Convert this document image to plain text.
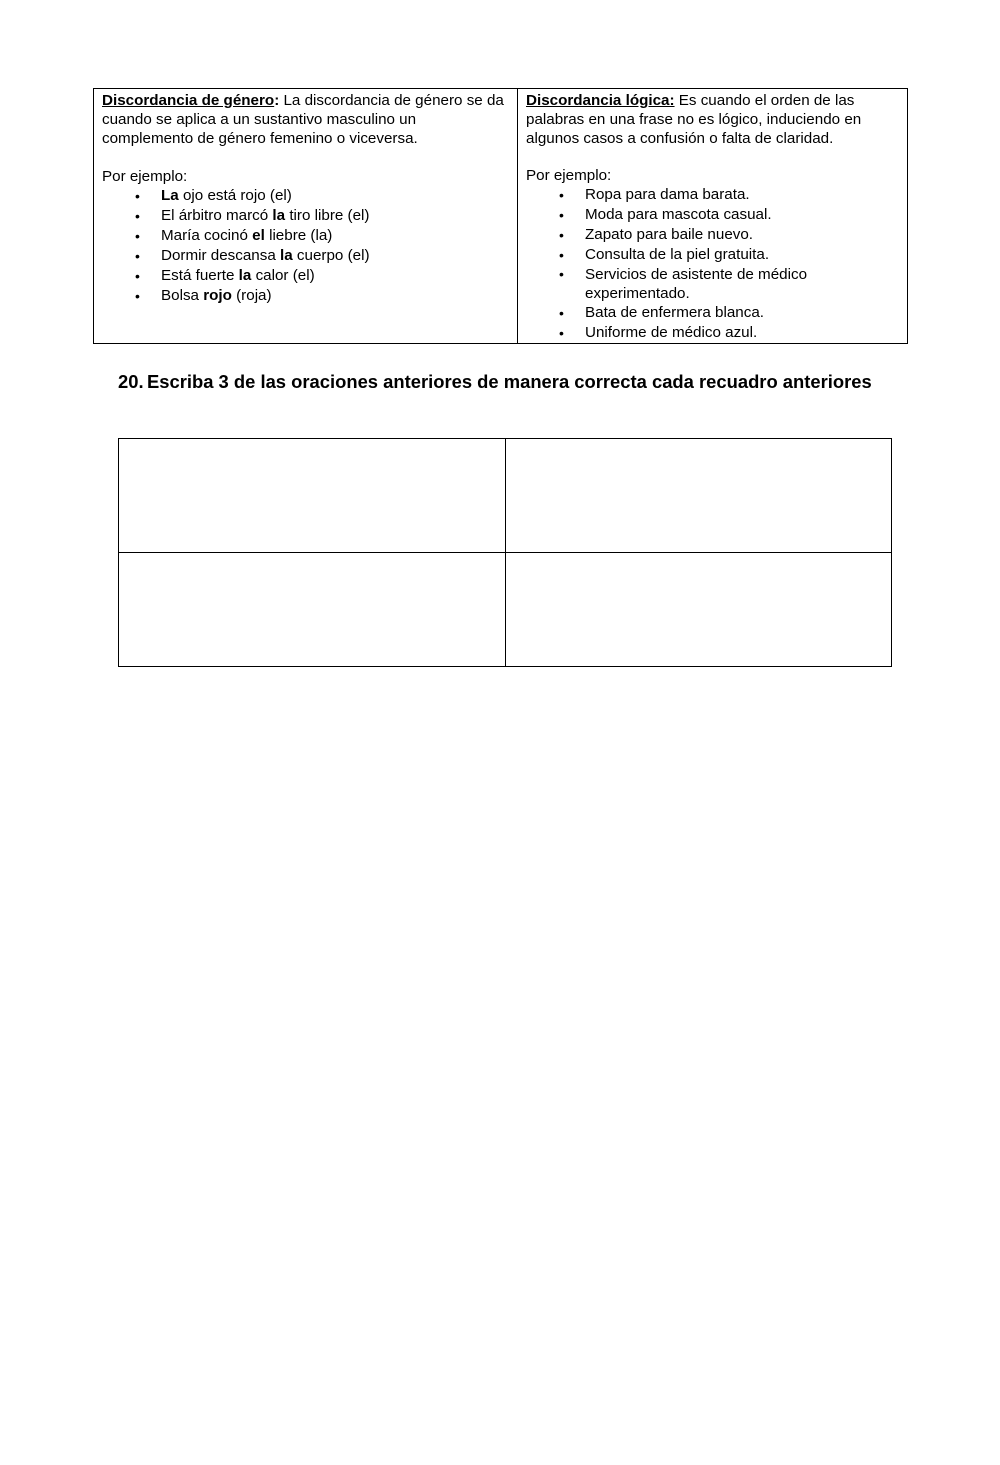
Discordancia de género: La discordancia de género se da cuando se aplica a un sustantivo masculino un complemento de género femenino o viceversa.
Por ejemplo:
• La ojo está rojo (el)
• El árbitro marcó la tiro libre (el)
• María cocinó el liebre (la)
• Dormir descansa la cuerpo (el)
• Está fuerte la calor (el)
• Bolsa rojo (roja)

Discordancia lógica: Es cuando el orden de las palabras en una frase no es lógico, induciendo en algunos casos a confusión o falta de claridad.
Por ejemplo:
• Ropa para dama barata.
• Moda para mascota casual.
• Zapato para baile nuevo.
• Consulta de la piel gratuita.
• Servicios de asistente de médico experimentado.
• Bata de enfermera blanca.
• Uniforme de médico azul.
20. Escriba 3 de las oraciones anteriores de manera correcta cada recuadro anteriores
